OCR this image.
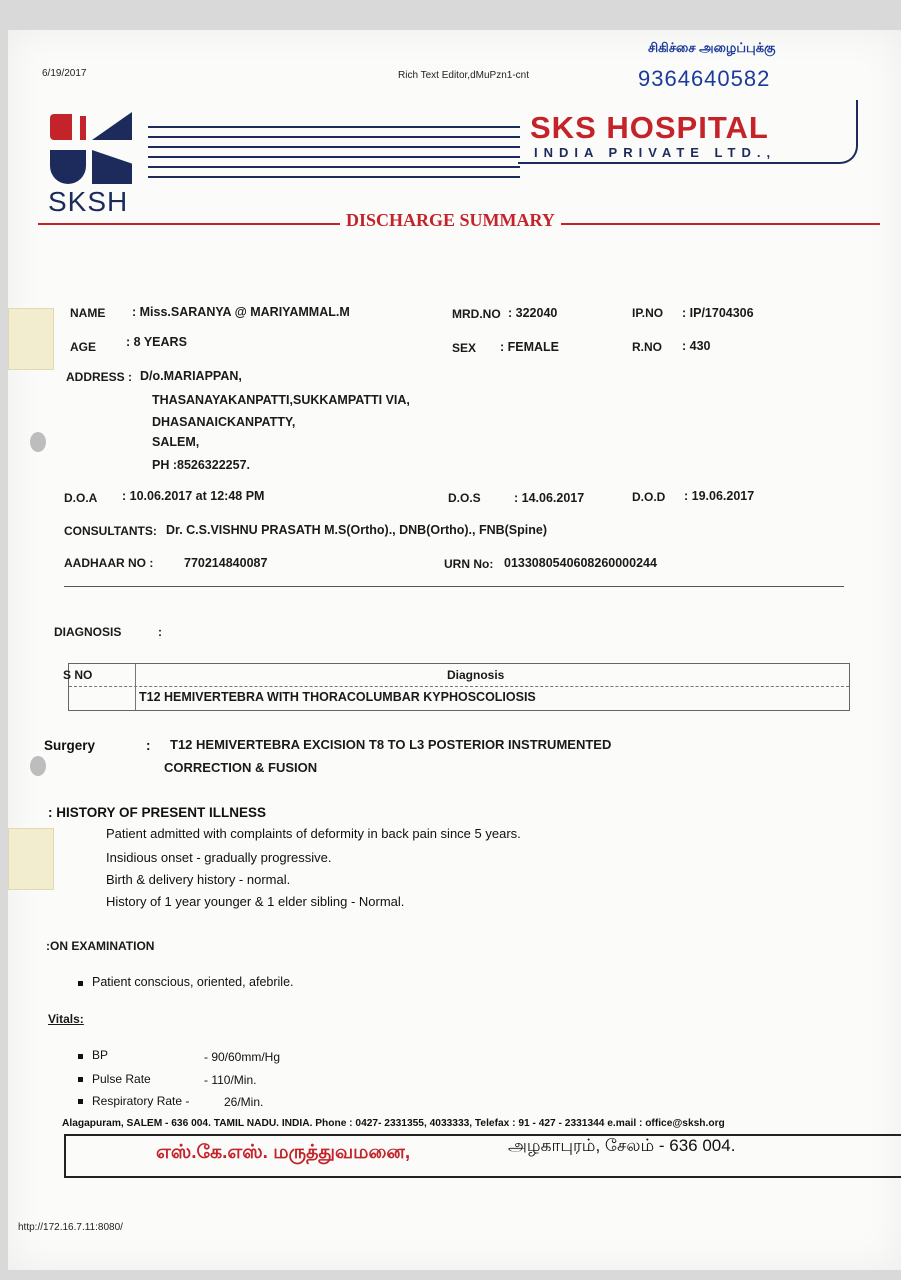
6/19/2017	Rich Text Editor,dMuPzn1-cnt
சிகிச்சை அழைப்புக்கு
9364640582
SKSH
SKS HOSPITAL
INDIA PRIVATE LTD.,
DISCHARGE SUMMARY
NAME : Miss.SARANYA @ MARIYAMMAL.M	MRD.NO : 322040	IP.NO : IP/1704306
AGE : 8 YEARS	SEX : FEMALE	R.NO : 430
ADDRESS : D/o.MARIAPPAN,
THASANAYAKANPATTI,SUKKAMPATTI VIA,
DHASANAICKANPATTY,
SALEM,
PH :8526322257.
D.O.A : 10.06.2017 at 12:48 PM	D.O.S	: 14.06.2017	D.O.D : 19.06.2017
CONSULTANTS: Dr. C.S.VISHNU PRASATH M.S(Ortho)., DNB(Ortho)., FNB(Spine)
AADHAAR NO : 770214840087	URN No: 0133080540608260000244
DIAGNOSIS	:
S NO	Diagnosis
T12 HEMIVERTEBRA WITH THORACOLUMBAR KYPHOSCOLIOSIS
Surgery	: T12 HEMIVERTEBRA EXCISION T8 TO L3 POSTERIOR INSTRUMENTED
CORRECTION & FUSION
HISTORY OF PRESENT ILLNESS :
Patient admitted with complaints of deformity in back pain since 5 years.
Insidious onset - gradually progressive.
Birth & delivery history - normal.
History of 1 year younger & 1 elder sibling - Normal.
ON EXAMINATION:
Patient conscious, oriented, afebrile.
Vitals:
BP	- 90/60mm/Hg
Pulse Rate	- 110/Min.
Respiratory Rate -	26/Min.
Alagapuram, SALEM - 636 004. TAMIL NADU. INDIA. Phone : 0427- 2331355, 4033333, Telefax : 91 - 427 - 2331344 e.mail : office@sksh.org
எஸ்.கே.எஸ். மருத்துவமனை,	அழகாபுரம், சேலம் - 636 004.
http://172.16.7.11:8080/
